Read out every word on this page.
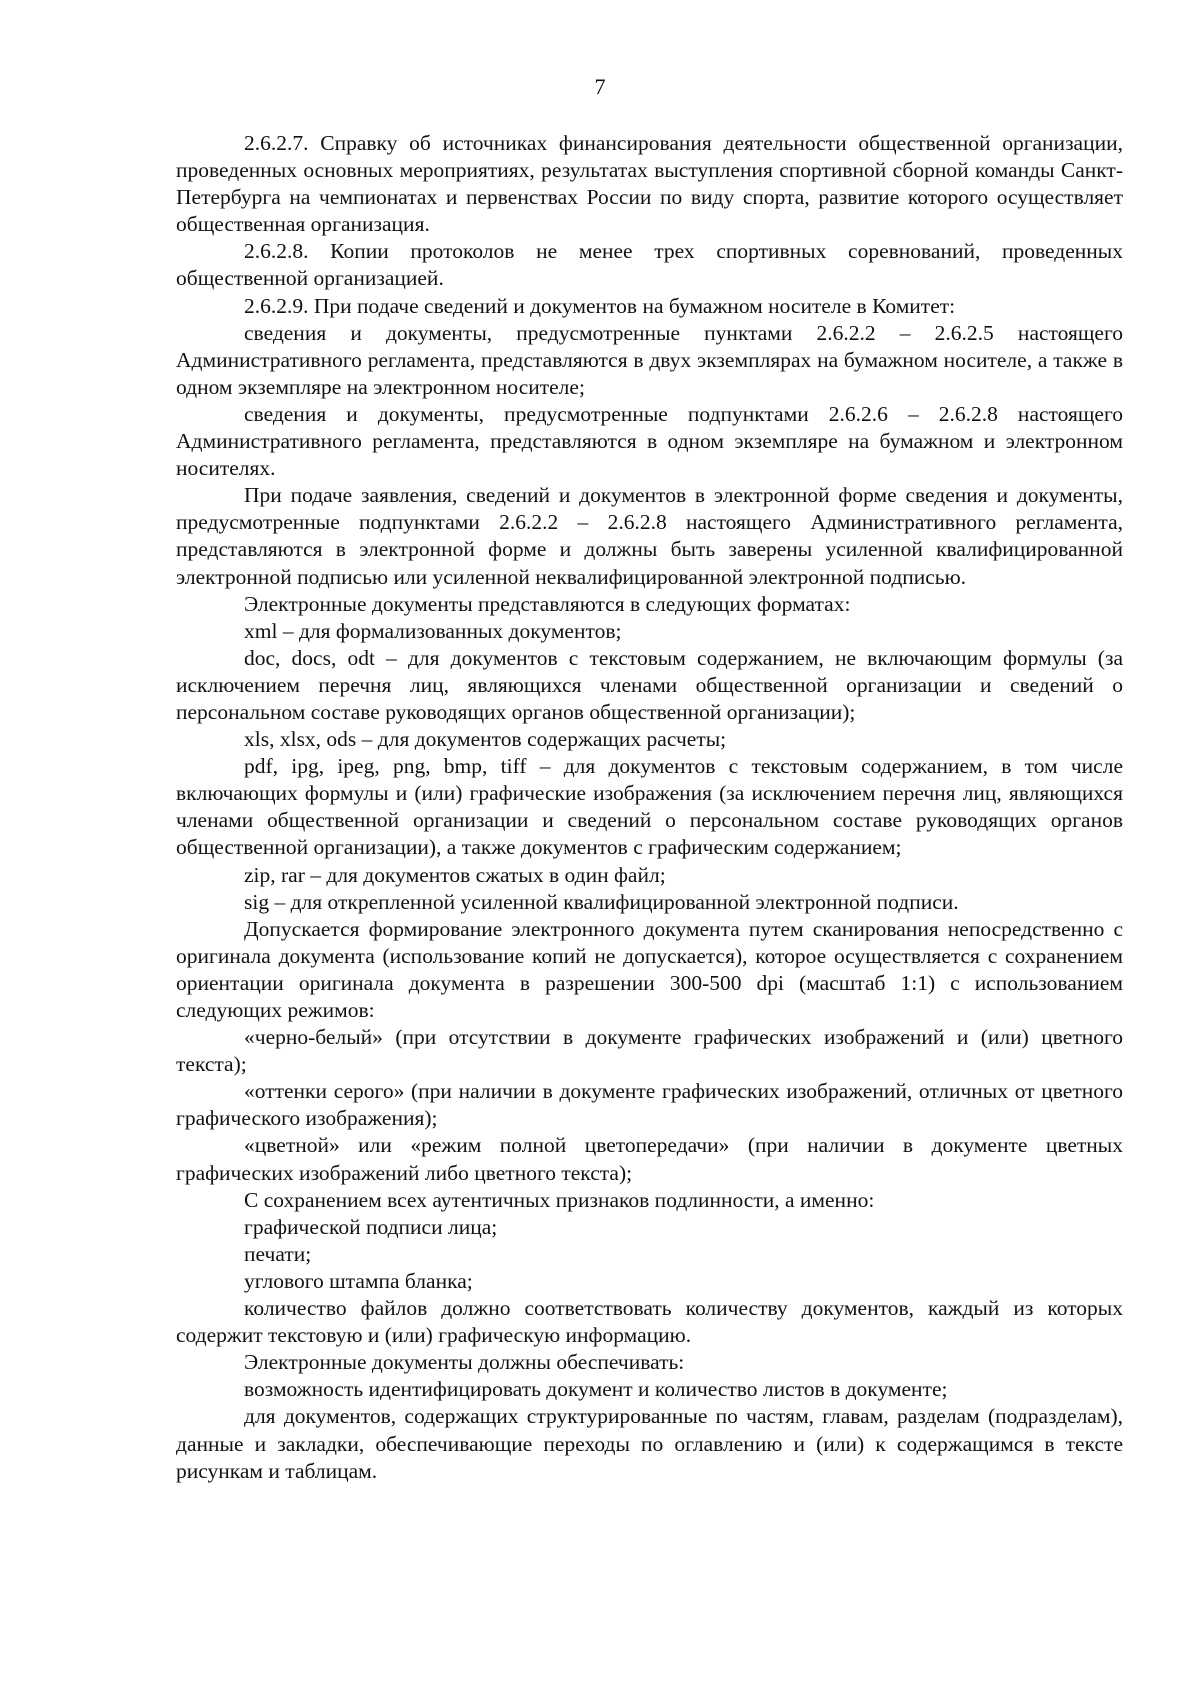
7

2.6.2.7. Справку об источниках финансирования деятельности общественной организации, проведенных основных мероприятиях, результатах выступления спортивной сборной команды Санкт-Петербурга на чемпионатах и первенствах России по виду спорта, развитие которого осуществляет общественная организация.

2.6.2.8. Копии протоколов не менее трех спортивных соревнований, проведенных общественной организацией.

2.6.2.9. При подаче сведений и документов на бумажном носителе в Комитет:

сведения и документы, предусмотренные пунктами 2.6.2.2 – 2.6.2.5 настоящего Административного регламента, представляются в двух экземплярах на бумажном носителе, а также в одном экземпляре на электронном носителе;

сведения и документы, предусмотренные подпунктами 2.6.2.6 – 2.6.2.8 настоящего Административного регламента, представляются в одном экземпляре на бумажном и электронном носителях.

При подаче заявления, сведений и документов в электронной форме сведения и документы, предусмотренные подпунктами 2.6.2.2 – 2.6.2.8 настоящего Административного регламента, представляются в электронной форме и должны быть заверены усиленной квалифицированной электронной подписью или усиленной неквалифицированной электронной подписью.

Электронные документы представляются в следующих форматах:

xml – для формализованных документов;

doc, docs, odt – для документов с текстовым содержанием, не включающим формулы (за исключением перечня лиц, являющихся членами общественной организации и сведений о персональном составе руководящих органов общественной организации);

xls, xlsx, ods – для документов содержащих расчеты;

pdf, ipg, ipeg, png, bmp, tiff – для документов с текстовым содержанием, в том числе включающих формулы и (или) графические изображения (за исключением перечня лиц, являющихся членами общественной организации и сведений о персональном составе руководящих органов общественной организации), а также документов с графическим содержанием;

zip, rar – для документов сжатых в один файл;

sig – для открепленной усиленной квалифицированной электронной подписи.

Допускается формирование электронного документа путем сканирования непосредственно с оригинала документа (использование копий не допускается), которое осуществляется с сохранением ориентации оригинала документа в разрешении 300-500 dpi (масштаб 1:1) с использованием следующих режимов:

«черно-белый» (при отсутствии в документе графических изображений и (или) цветного текста);

«оттенки серого» (при наличии в документе графических изображений, отличных от цветного графического изображения);

«цветной» или «режим полной цветопередачи» (при наличии в документе цветных графических изображений либо цветного текста);

С сохранением всех аутентичных признаков подлинности, а именно:

графической подписи лица;

печати;

углового штампа бланка;

количество файлов должно соответствовать количеству документов, каждый из которых содержит текстовую и (или) графическую информацию.

Электронные документы должны обеспечивать:

возможность идентифицировать документ и количество листов в документе;

для документов, содержащих структурированные по частям, главам, разделам (подразделам), данные и закладки, обеспечивающие переходы по оглавлению и (или) к содержащимся в тексте рисункам и таблицам.
